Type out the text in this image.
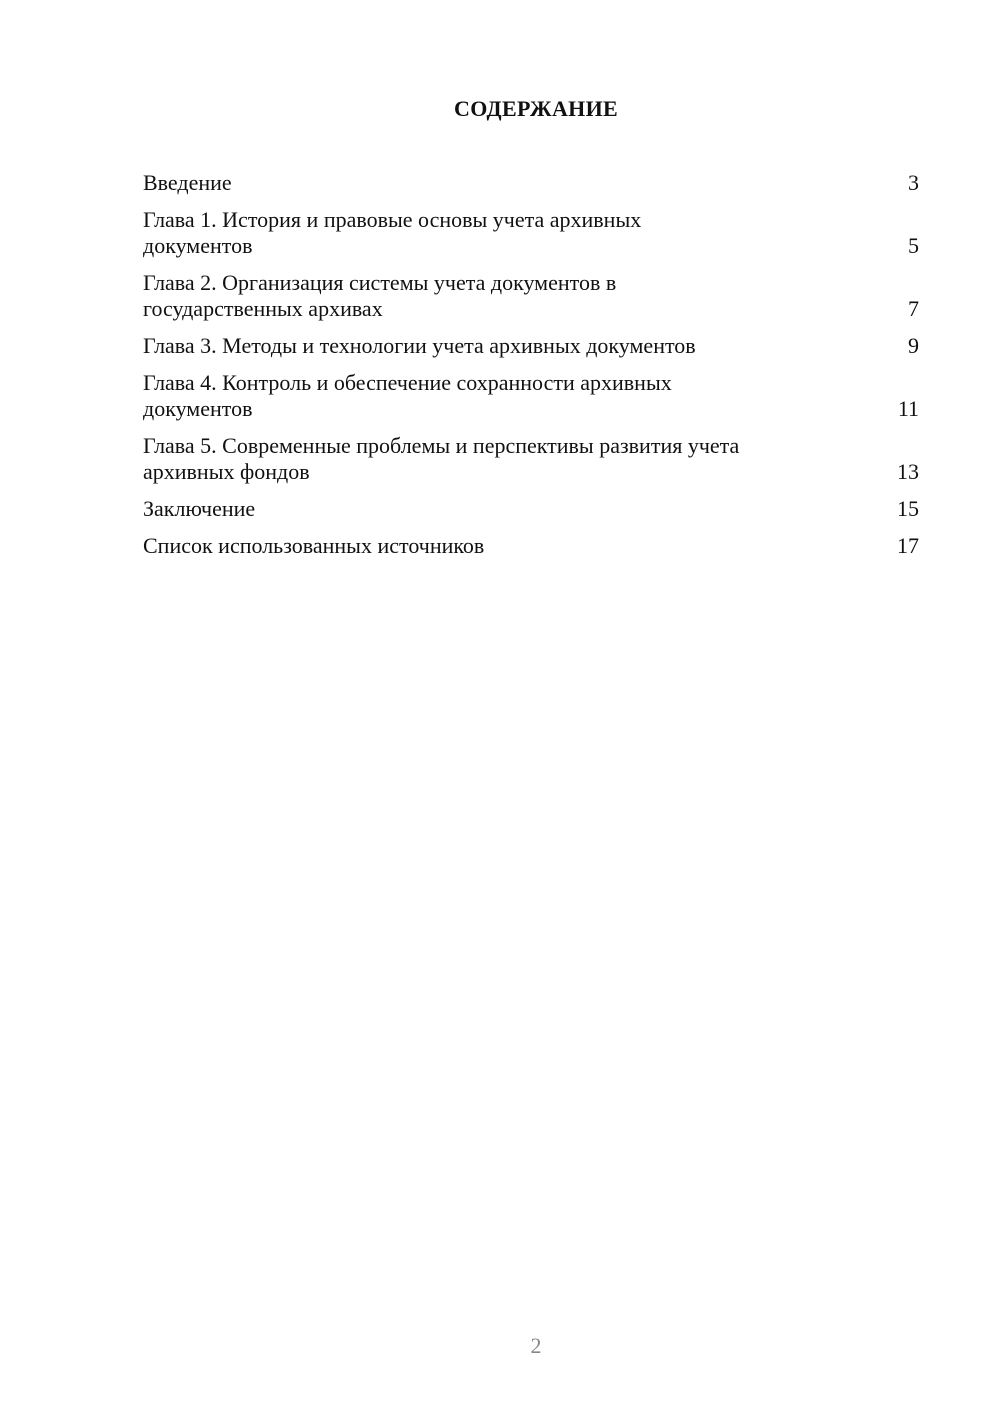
СОДЕРЖАНИЕ
Введение	3
Глава 1. История и правовые основы учета архивных
документов	5
Глава 2. Организация системы учета документов в
государственных архивах	7
Глава 3. Методы и технологии учета архивных документов	9
Глава 4. Контроль и обеспечение сохранности архивных
документов	11
Глава 5. Современные проблемы и перспективы развития учета
архивных фондов	13
Заключение	15
Список использованных источников	17
2
